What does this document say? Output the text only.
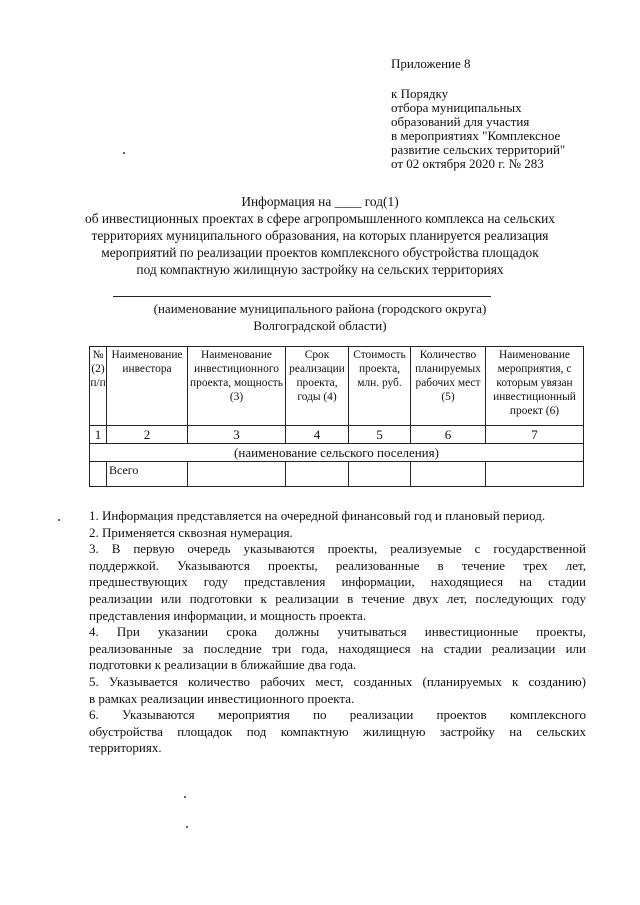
Приложение 8
к Порядку
отбора муниципальных
образований для участия
в мероприятиях "Комплексное
развитие сельских территорий"
от 02 октября 2020 г. № 283
Информация на ____ год(1)
об инвестиционных проектах в сфере агропромышленного комплекса на сельских
территориях муниципального образования, на которых планируется реализация
мероприятий по реализации проектов комплексного обустройства площадок
под компактную жилищную застройку на сельских территориях
(наименование муниципального района (городского округа)
Волгоградской области)
№ (2) п/п	Наименование инвестора	Наименование инвестиционного проекта, мощность (3)	Срок реализации проекта, годы (4)	Стоимость проекта, млн. руб.	Количество планируемых рабочих мест (5)	Наименование мероприятия, с которым увязан инвестиционный проект (6)
1	2	3	4	5	6	7
(наименование сельского поселения)						
	Всего					
1. Информация представляется на очередной финансовый год и плановый период.
2. Применяется сквозная нумерация.
3. В первую очередь указываются проекты, реализуемые с государственной
поддержкой. Указываются проекты, реализованные в течение трех лет,
предшествующих году представления информации, находящиеся на стадии
реализации или подготовки к реализации в течение двух лет, последующих году
представления информации, и мощность проекта.
4. При указании срока должны учитываться инвестиционные проекты,
реализованные за последние три года, находящиеся на стадии реализации или
подготовки к реализации в ближайшие два года.
5. Указывается количество рабочих мест, созданных (планируемых к созданию)
в рамках реализации инвестиционного проекта.
6. Указываются мероприятия по реализации проектов комплексного
обустройства площадок под компактную жилищную застройку на сельских
территориях.
